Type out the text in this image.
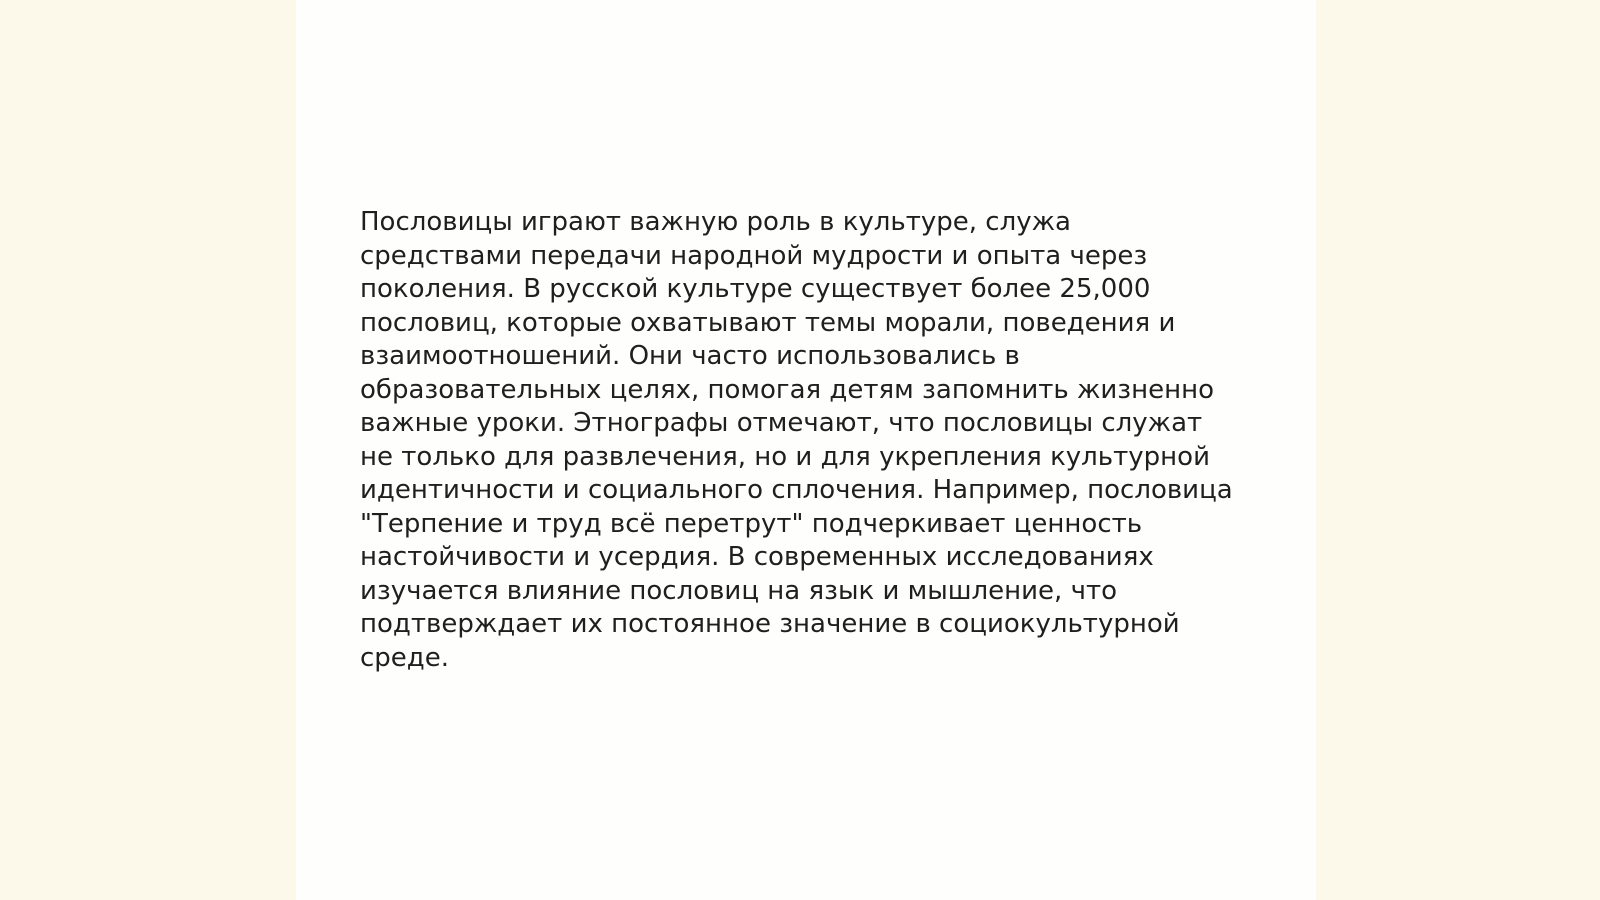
Пословицы играют важную роль в культуре, служа средствами передачи народной мудрости и опыта через поколения. В русской культуре существует более 25,000 пословиц, которые охватывают темы морали, поведения и взаимоотношений. Они часто использовались в образовательных целях, помогая детям запомнить жизненно важные уроки. Этнографы отмечают, что пословицы служат не только для развлечения, но и для укрепления культурной идентичности и социального сплочения. Например, пословица "Терпение и труд всё перетрут" подчеркивает ценность настойчивости и усердия. В современных исследованиях изучается влияние пословиц на язык и мышление, что подтверждает их постоянное значение в социокультурной среде.
